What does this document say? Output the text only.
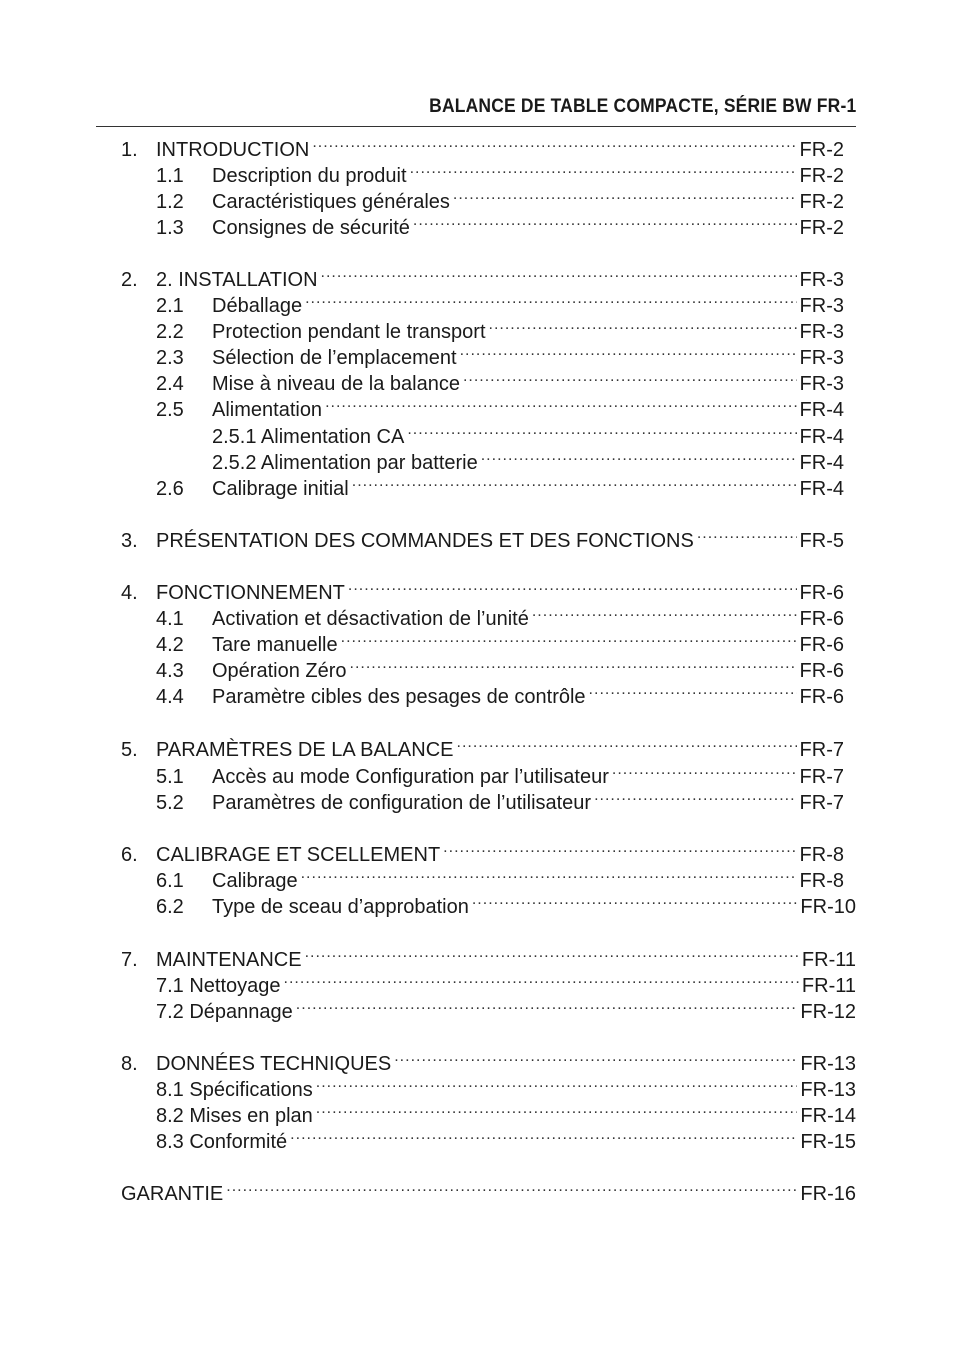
BALANCE DE TABLE COMPACTE, SÉRIE BW FR-1
1. INTRODUCTION .....	FR-2
1.1	Description du produit .....	FR-2
1.2	Caractéristiques générales .....	FR-2
1.3	Consignes de sécurité .....	FR-2
2. 2. INSTALLATION .....	FR-3
2.1	Déballage .....	FR-3
2.2	Protection pendant le transport .....	FR-3
2.3	Sélection de l’emplacement .....	FR-3
2.4	Mise à niveau de la balance .....	FR-3
2.5	Alimentation .....	FR-4
2.5.1 Alimentation CA .....	FR-4
2.5.2 Alimentation par batterie .....	FR-4
2.6	Calibrage initial .....	FR-4
3. PRÉSENTATION DES COMMANDES ET DES FONCTIONS .....	FR-5
4. FONCTIONNEMENT .....	FR-6
4.1	Activation et désactivation de l’unité .....	FR-6
4.2	Tare manuelle .....	FR-6
4.3	Opération Zéro .....	FR-6
4.4	Paramètre cibles des pesages de contrôle .....	FR-6
5. PARAMÈTRES DE LA BALANCE .....	FR-7
5.1	Accès au mode Configuration par l’utilisateur .....	FR-7
5.2	Paramètres de configuration de l’utilisateur .....	FR-7
6. CALIBRAGE ET SCELLEMENT .....	FR-8
6.1	Calibrage .....	FR-8
6.2	Type de sceau d’approbation .....	FR-10
7. MAINTENANCE .....	FR-11
7.1 Nettoyage .....	FR-11
7.2 Dépannage .....	FR-12
8. DONNÉES TECHNIQUES .....	FR-13
8.1 Spécifications .....	FR-13
8.2 Mises en plan .....	FR-14
8.3 Conformité .....	FR-15
GARANTIE .....	FR-16
